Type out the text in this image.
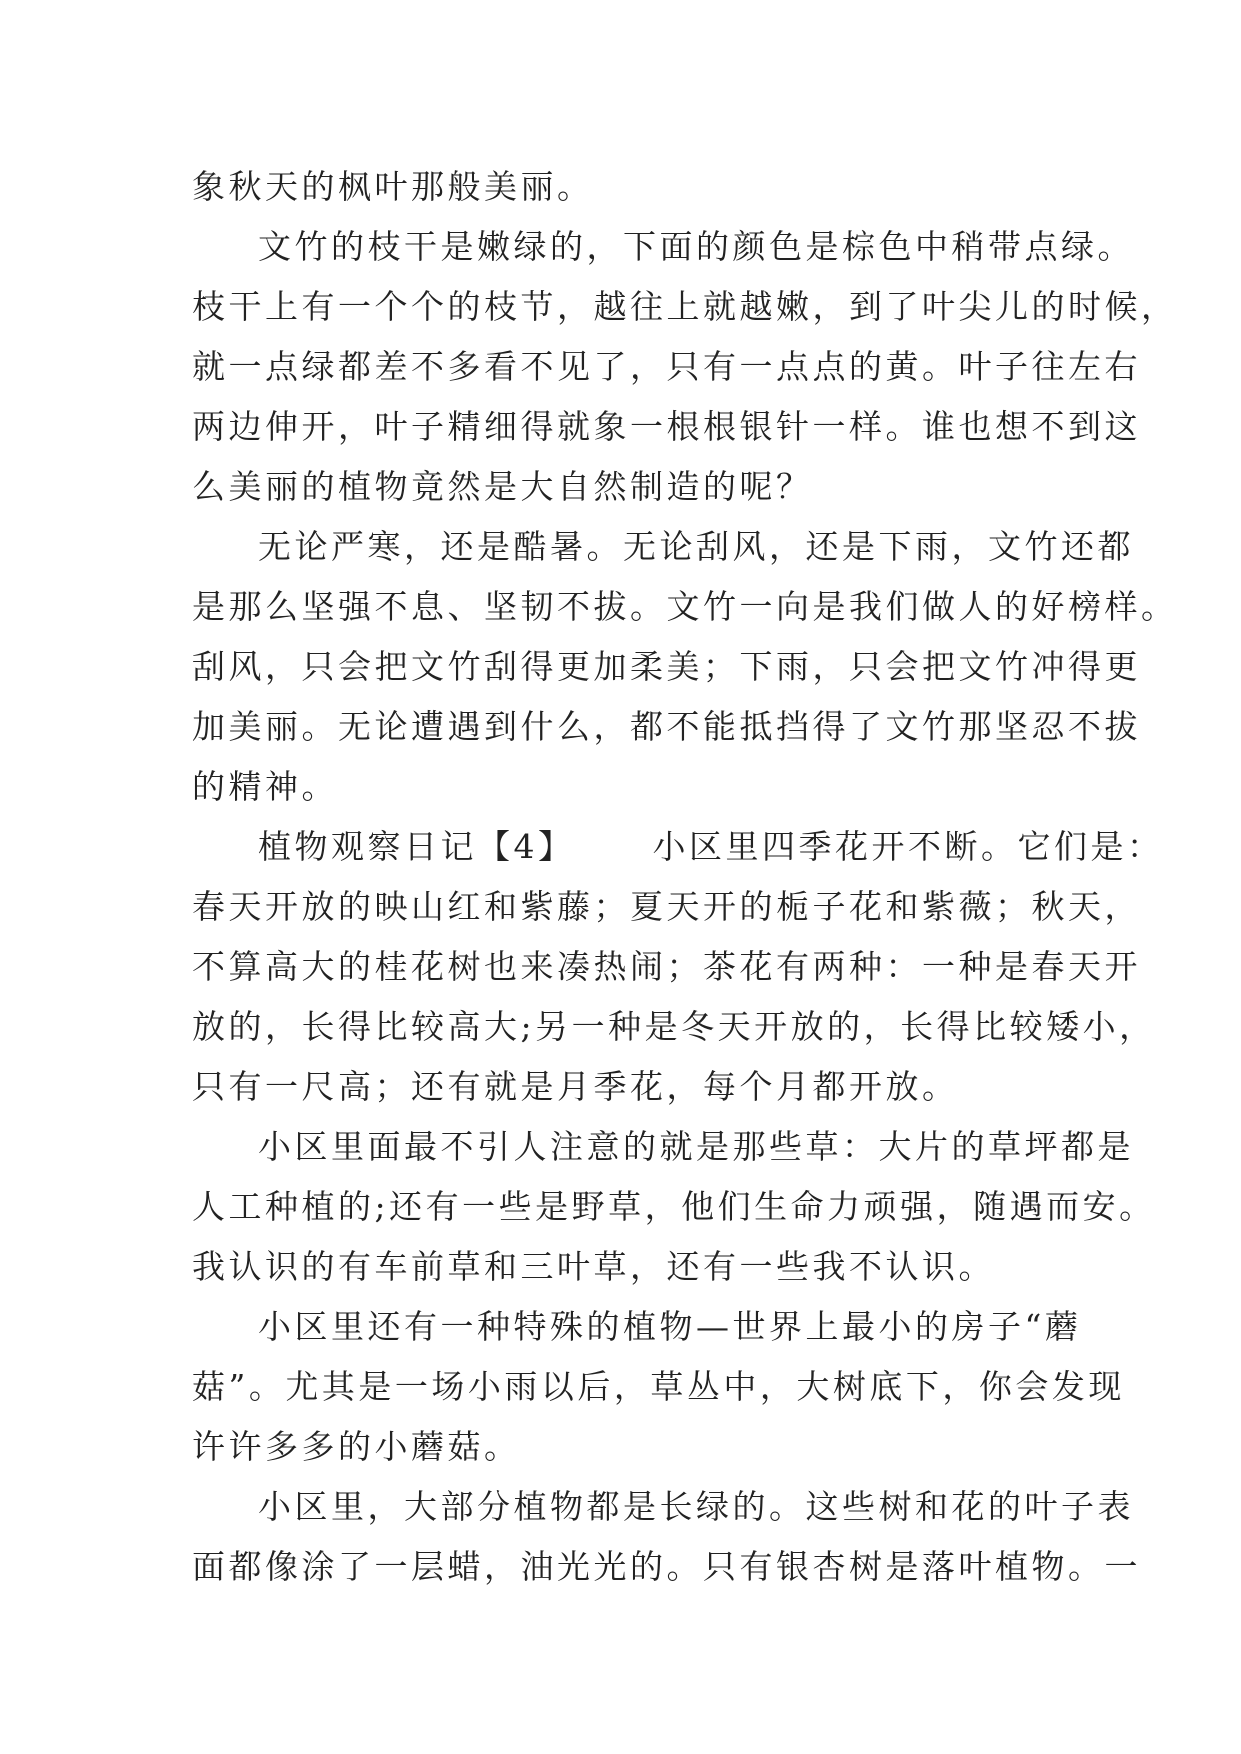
象秋天的枫叶那般美丽。
文竹的枝干是嫩绿的，下面的颜色是棕色中稍带点绿。
枝干上有一个个的枝节，越往上就越嫩，到了叶尖儿的时候，
就一点绿都差不多看不见了，只有一点点的黄。叶子往左右
两边伸开，叶子精细得就象一根根银针一样。谁也想不到这
么美丽的植物竟然是大自然制造的呢？
无论严寒，还是酷暑。无论刮风，还是下雨，文竹还都
是那么坚强不息、坚韧不拔。文竹一向是我们做人的好榜样。
刮风，只会把文竹刮得更加柔美；下雨，只会把文竹冲得更
加美丽。无论遭遇到什么，都不能抵挡得了文竹那坚忍不拔
的精神。
植物观察日记【4】 小区里四季花开不断。它们是：
春天开放的映山红和紫藤；夏天开的栀子花和紫薇；秋天，
不算高大的桂花树也来凑热闹；茶花有两种：一种是春天开
放的，长得比较高大;另一种是冬天开放的，长得比较矮小，
只有一尺高；还有就是月季花，每个月都开放。
小区里面最不引人注意的就是那些草：大片的草坪都是
人工种植的;还有一些是野草，他们生命力顽强，随遇而安。
我认识的有车前草和三叶草，还有一些我不认识。
小区里还有一种特殊的植物—世界上最小的房子“蘑
菇”。尤其是一场小雨以后，草丛中，大树底下，你会发现
许许多多的小蘑菇。
小区里，大部分植物都是长绿的。这些树和花的叶子表
面都像涂了一层蜡，油光光的。只有银杏树是落叶植物。一
